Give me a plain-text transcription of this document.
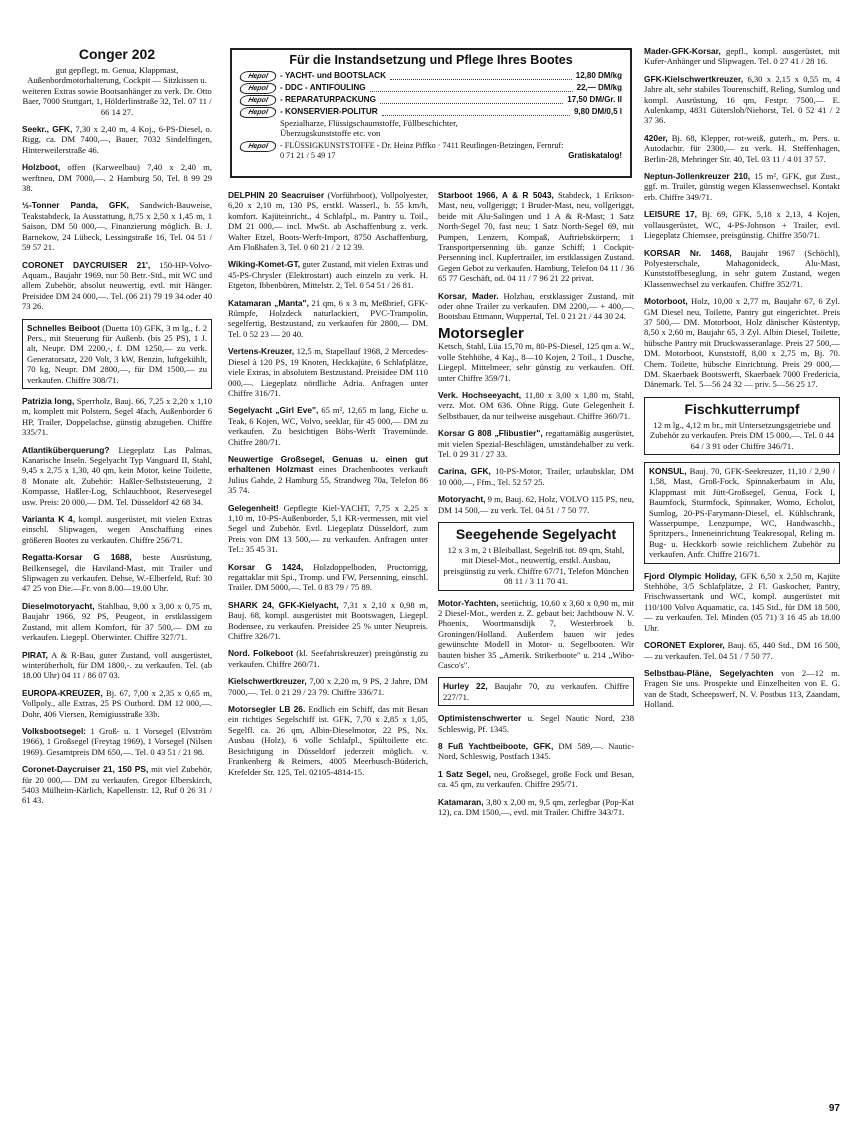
Für die Instandsetzung und Pflege Ihres Bootes
Hepol	- YACHT- und BOOTSLACK	12,80 DM/kg
Hepol	- DDC - ANTIFOULING	22,— DM/kg
Hepol	- REPARATURPACKUNG	17,50 DM/Gr. II
Hepol	- KONSERVIER-POLITUR	9,80 DM/0,5 l
Spezialharze, Flüssigschaumstoffe, Füllbeschichter,
Überzugskunststoffe etc. von
Hepol	- FLÜSSIGKUNSTSTOFFE - Dr. Heinz Piffko · 7411 Reutlingen-Betzingen, Fernruf: 0 71 21 / 5 49 17	Gratiskatalog!
Conger 202
gut gepflegt, m. Genua, Klappmast, Außenbordmotorhalterung, Cockpit — Sitzkissen u. weiteren Extras sowie Bootsanhänger zu verk. Dr. Otto Baer, 7000 Stuttgart, 1, Hölderlinstraße 32, Tel. 07 11 / 66 14 27.
Seekr., GFK, 7,30 x 2,40 m, 4 Koj., 6-PS-Diesel, o. Rigg, ca. DM 7400,—, Bauer, 7032 Sindelfingen, Hinterweilerstraße 46.
Holzboot, offen (Karweelbau) 7,40 x 2,40 m, werftneu, DM 7000,—. 2 Hamburg 50, Tel. 8 99 29 38.
½-Tonner Panda, GFK, Sandwich-Bauweise, Teakstabdeck, Ia Ausstattung, 8,75 x 2,50 x 1,45 m, 1 Saison, DM 50 000,—, Finanzierung möglich. B. J. Barnekow, 24 Lübeck, Lessingstraße 16, Tel. 04 51 / 59 57 21.
CORONET DAYCRUISER 21', 150-HP-Volvo-Aquam., Baujahr 1969, nur 50 Betr.-Std., mit WC und allem Zubehör, absolut neuwertig, evtl. mit Hänger. Preisidee DM 24 000,—. Tel. (06 21) 79 19 34 oder 40 73 26.
Schnelles Beiboot (Duetta 10) GFK, 3 m lg., f. 2 Pers., mit Steuerung für Außenb. (bis 25 PS), 1 J. alt, Neupr. DM 2200,-, f. DM 1250,— zu verk. Generatorsatz, 220 Volt, 3 kW, Benzin, luftgekühlt, 70 kg, Neupr. DM 2800,—, für DM 1500,— zu verkaufen. Chiffre 308/71.
Patrizia long, Sperrholz, Bauj. 66, 7,25 x 2,20 x 1,10 m, komplett mit Polstern, Segel 4fach, Außenborder 6 HP, Trailer, Doppelachse, günstig abzugeben. Chiffre 335/71.
Atlantiküberquerung? Liegeplatz Las Palmas, Kanarische Inseln. Segelyacht Typ Vanguard II, Stahl, 9,45 x 2,75 x 1,30, 40 qm, kein Motor, keine Toilette, 8 Monate alt. Zubehör: Haßler-Selbststeuerung, 2 Kompasse, Haßler-Log, Schlauchboot, Reservesegel usw. Preis: 20 000,— DM. Tel. Düsseldorf 42 68 34.
Varianta K 4, kompl. ausgerüstet, mit vielen Extras einschl. Slipwagen, wegen Anschaffung eines größeren Bootes zu verkaufen. Chiffre 256/71.
Regatta-Korsar G 1688, beste Ausrüstung, Beilkensegel, die Haviland-Mast, mit Trailer und Slipwagen zu verkaufen. Dehse, W.-Elberfeld, Ruf: 30 47 25 von Die.—Fr. von 8.00—19.00 Uhr.
Dieselmotoryacht, Stahlbau, 9,00 x 3,00 x 0,75 m, Baujahr 1966, 92 PS, Peugeot, in erstklassigem Zustand, mit allem Komfort, für 37 500,— DM zu verkaufen. Liegepl. Oberwinter. Chiffre 327/71.
PIRAT, A & R-Bau, guter Zustand, voll ausgerüstet, winterüberholt, für DM 1800,-. zu verkaufen. Tel. (ab 18.00 Uhr) 04 11 / 86 07 03.
EUROPA-KREUZER, Bj. 67, 7,00 x 2,35 x 0,65 m, Vollpoly., alle Extras, 25 PS Outbord. DM 12 000,—. Dohr, 406 Viersen, Remigiusstraße 33b.
Volksbootsegel: 1 Groß- u. 1 Vorsegel (Elvström 1966), 1 Großsegel (Freytag 1969), 1 Vorsegel (Nilsen 1969). Gesamtpreis DM 650,—. Tel. 0 43 51 / 21 98.
Coronet-Daycruiser 21, 150 PS, mit viel Zubehör, für 20 000,— DM zu verkaufen. Gregor Elberskirch, 5403 Mülheim-Kärlich, Kapellenstr. 12, Ruf 0 26 31 / 61 43.
DELPHIN 20 Seacruiser (Vorführboot), Vollpolyester, 6,20 x 2,10 m, 130 PS, erstkl. Wasserl., b. 55 km/h, komfort. Kajüteinricht., 4 Schlafpl., m. Pantry u. Toil., DM 21 000,— incl. MwSt. ab Aschaffenburg z. verk. Walter Etzel, Boots-Werft-Import, 8750 Aschaffenburg, Am Floßhafen 3, Tel. 0 60 21 / 2 12 39.
Wiking-Komet-GT, guter Zustand, mit vielen Extras und 45-PS-Chrysler (Elektrostart) auch einzeln zu verk. H. Etgeton, Ibbenbüren, Mittelstr. 2, Tel. 0 54 51 / 26 81.
Katamaran „Manta", 21 qm, 6 x 3 m, Meßbrief, GFK-Rümpfe, Holzdeck naturlackiert, PVC-Trampolin, segelfertig, Bestzustand, zu verkaufen für 2800,— DM. Tel. 0 52 23 — 20 40.
Vertens-Kreuzer, 12,5 m, Stapellauf 1968, 2 Mercedes-Diesel à 120 PS, 19 Knoten, Heckkajüte, 6 Schlafplätze, viele Extras, in absolutem Bestzustand. Preisidee DM 110 000,—. Liegeplatz nördliche Adria. Anfragen unter Chiffre 316/71.
Segelyacht „Girl Eve", 65 m², 12,65 m lang, Eiche u. Teak, 6 Kojen, WC, Volvo, seeklar, für 45 000,— DM zu verkaufen. Zu besichtigen Böbs-Werft Travemünde. Chiffre 280/71.
Neuwertige Großsegel, Genuas u. einen gut erhaltenen Holzmast eines Drachenbootes verkauft Julius Gahde, 2 Hamburg 55, Strandweg 70a, Telefon 86 35 74.
Gelegenheit! Gepflegte Kiel-YACHT, 7,75 x 2,25 x 1,10 m, 10-PS-Außenborder, 5,1 KR-vermessen, mit viel Segel und Zubehör. Evtl. Liegeplatz Düsseldorf, zum Preis von DM 13 500,— zu verkaufen. Anfragen unter Tel.: 35 45 31.
Korsar G 1424, Holzdoppelboden, Proctorrigg, regattaklar mit Spi., Tromp. und FW, Persenning, einschl. Trailer. DM 5000,—. Tel. 0 83 79 / 75 89.
SHARK 24, GFK-Kielyacht, 7,31 x 2,10 x 0,98 m, Bauj. 68, kompl. ausgerüstet mit Bootswagen, Liegepl. Bodensee, zu verkaufen. Preisidee 25 % unter Neupreis. Chiffre 326/71.
Nord. Folkeboot (kl. Seefahrtskreuzer) preisgünstig zu verkaufen. Chiffre 260/71.
Kielschwertkreuzer, 7,00 x 2,20 m, 9 PS, 2 Jahre, DM 7000,—. Tel. 0 21 29 / 23 79. Chiffre 336/71.
Motorsegler LB 26. Endlich ein Schiff, das mit Besan ein richtiges Segelschiff ist. GFK, 7,70 x 2,85 x 1,05, Segelfl. ca. 26 qm, Albin-Dieselmotor, 22 PS, Nx. Ausbau (Holz), 6 volle Schlafpl., Spültoilette etc. Besichtigung in Düsseldorf jederzeit möglich. v. Frankenberg & Reimers, 4005 Meerbusch-Büderich, Krefelder Str. 125, Tel. 02105-4814-15.
Starboot 1966, A & R 5043, Stabdeck, 1 Erikson-Mast, neu, vollgeriggt; 1 Bruder-Mast, neu, vollgeriggt, beide mit Alu-Salingen und 1 A & R-Mast; 1 Satz North-Segel 70, fast neu; 1 Satz North-Segel 69, mit Pumpen, Lenzern, Kompaß, Auftriebskörpern; 1 Transportpersenning üb. ganze Schiff; 1 Cockpit-Persenning incl. Kupfertrailer, im erstklassigen Zustand. Gegen Gebot zu verkaufen. Hamburg, Telefon 04 11 / 36 65 77 Geschäft, od. 04 11 / 7 96 21 22 privat.
Korsar, Mader. Holzbau, erstklassiger Zustand, mit oder ohne Trailer zu verkaufen. DM 2200,— + 400,—. Bootsbau Ettmann, Wuppertal, Tel. 0 21 21 / 44 30 24.
Motorsegler
Ketsch, Stahl, Lüa 15,70 m, 80-PS-Diesel, 125 qm a. W., volle Stehhöhe, 4 Kaj., 8—10 Kojen, 2 Toil., 1 Dusche, Liegepl. Mittelmeer, sehr günstig zu verkaufen. Off. unter Chiffre 359/71.
Verk. Hochseeyacht, 11,80 x 3,00 x 1,80 m, Stahl, verz. Mot. OM 636. Ohne Rigg. Gute Gelegenheit f. Selbstbauer, da nur teilweise ausgebaut. Chiffre 360/71.
Korsar G 808 „Flibustier", regattamäßig ausgerüstet, mit vielen Spezial-Beschlägen, umständehalber zu verk. Tel. 0 29 31 / 27 33.
Carina, GFK, 10-PS-Motor, Trailer, urlaubsklar, DM 10 000,—, Ffm., Tel. 52 57 25.
Motoryacht, 9 m, Bauj. 62, Holz, VOLVO 115 PS, neu, DM 14 500,— zu verk. Tel. 04 51 / 7 50 77.
Seegehende Segelyacht
12 x 3 m, 2 t Bleiballast, Segelriß tot. 89 qm, Stahl, mit Diesel-Mot., neuwertig, erstkl. Ausbau, preisgünstig zu verk. Chiffre 67/71, Telefon München 08 11 / 3 11 70 41.
Motor-Yachten, seetüchtig, 10,60 x 3,60 x 0,90 m, mit 2 Diesel-Mot., werden z. Z. gebaut bei: Jachtbouw N. V. Phoenix, Woortmansdijk 7, Westerbroek b. Groningen/Holland. Außerdem bauen wir jedes gewünschte Modell in Motor- u. Segelbooten. Wir bauten bisher 35 „Amerik. Strikerboote" u. 214 „Wibo-Casco's".
Hurley 22, Baujahr 70, zu verkaufen. Chiffre 227/71.
Optimistenschwerter u. Segel Nautic Nord, 238 Schleswig, Pf. 1345.
8 Fuß Yachtbeiboote, GFK, DM 589,—. Nautic-Nord, Schleswig, Postfach 1345.
1 Satz Segel, neu, Großsegel, große Fock und Besan, ca. 45 qm, zu verkaufen. Chiffre 295/71.
Katamaran, 3,80 x 2,00 m, 9,5 qm, zerlegbar (Pop-Kat 12), ca. DM 1500,—, evtl. mit Trailer. Chiffre 343/71.
Mader-GFK-Korsar, gepfl., kompl. ausgerüstet, mit Kufer-Anhänger und Slipwagen. Tel. 0 27 41 / 28 16.
GFK-Kielschwertkreuzer, 6,30 x 2,15 x 0,55 m, 4 Jahre alt, sehr stabiles Tourenschiff, Reling, Sumlog und kompl. Ausrüstung, 16 qm, Festpr. 7500,— E. Aulenkamp, 4831 Gütersloh/Niehorst, Tel. 0 52 41 / 2 37 36.
420er, Bj. 68, Klepper, rot-weiß, guterh., m. Pers. u. Autodachtr. für 2300,— zu verk. H. Steffenhagen, Berlin-28, Mehringer Str. 40, Tel. 03 11 / 4 01 37 57.
Neptun-Jollenkreuzer 210, 15 m², GFK, gut Zust., ggf. m. Trailer, günstig wegen Klassenwechsel. Kontakt erb. Chiffre 349/71.
LEISURE 17, Bj. 69, GFK, 5,18 x 2,13, 4 Kojen, vollausgerüstet, WC, 4-PS-Johnson + Trailer, evtl. Liegeplatz Chiemsee, preisgünstig. Chiffre 350/71.
KORSAR Nr. 1468, Baujahr 1967 (Schöchl), Polyesterschale, Mahagonideck, Alu-Mast, Kunststoffbeseglung, in sehr gutem Zustand, wegen Klassenwechsel zu verkaufen. Chiffre 352/71.
Motorboot, Holz, 10,00 x 2,77 m, Baujahr 67, 6 Zyl. GM Diesel neu, Toilette, Pantry gut eingerichtet. Preis 37 500,— DM. Motorboot, Holz dänischer Küstentyp, 8,50 x 2,60 m, Baujahr 65, 3 Zyl. Albin Diesel, Toilette, hübsche Pantry mit Druckwasseranlage. Preis 27 500,— DM. Motorboot, Kunststoff, 8,00 x 2,75 m, Bj. 70. Chem. Toilette, hübsche Einrichtung. Preis 29 000,— DM. Skaerbaek Bootswerft, Skaerbaek 7000 Fredericia, Dänemark. Tel. 5—56 24 32 — priv. 5—56 25 17.
Fischkutterrumpf
12 m lg., 4,12 m br., mit Untersetzungsgetriebe und Zubehör zu verkaufen. Preis DM 15 000,—. Tel. 0 44 64 / 3 91 oder Chiffre 346/71.
KONSUL, Bauj. 70, GFK-Seekreuzer, 11,10 / 2,90 / 1,58, Mast, Groß-Fock, Spinnakerbaum in Alu, Klappmast mit Jütt-Großsegel, Genua, Fock I, Baumfock, Sturmfock, Spinnaker, Womo, Echolot, Sumlog, 20-PS-Farymann-Diesel, el. Kühlschrank, Wasserpumpe, Lenzpumpe, WC, Handwaschb., Spritzpers., Inneneinrichtung Teakresopal, Reling m. Bug- u. Heckkorb sowie reichlichem Zubehör zu verkaufen. Anfr. Chiffre 216/71.
Fjord Olympic Holiday, GFK 6,50 x 2,50 m, Kajüte Stehhöhe, 3/5 Schlafplätze, 2 Fl. Gaskocher, Pantry, Frischwassertank und WC, kompl. ausgerüstet mit 110/100 Volvo Aquamatic, ca. 145 Std., für DM 18 500,— zu verkaufen. Tel. Minden (05 71) 3 16 45 ab 18.00 Uhr.
CORONET Explorer, Bauj. 65, 440 Std., DM 16 500,— zu verkaufen. Tel. 04 51 / 7 50 77.
Selbstbau-Pläne, Segelyachten von 2—12 m. Fragen Sie uns. Prospekte und Einzelheiten von E. G. van de Stadt, Scheepswerf, N. V. Postbus 113, Zaandam, Holland.
97
